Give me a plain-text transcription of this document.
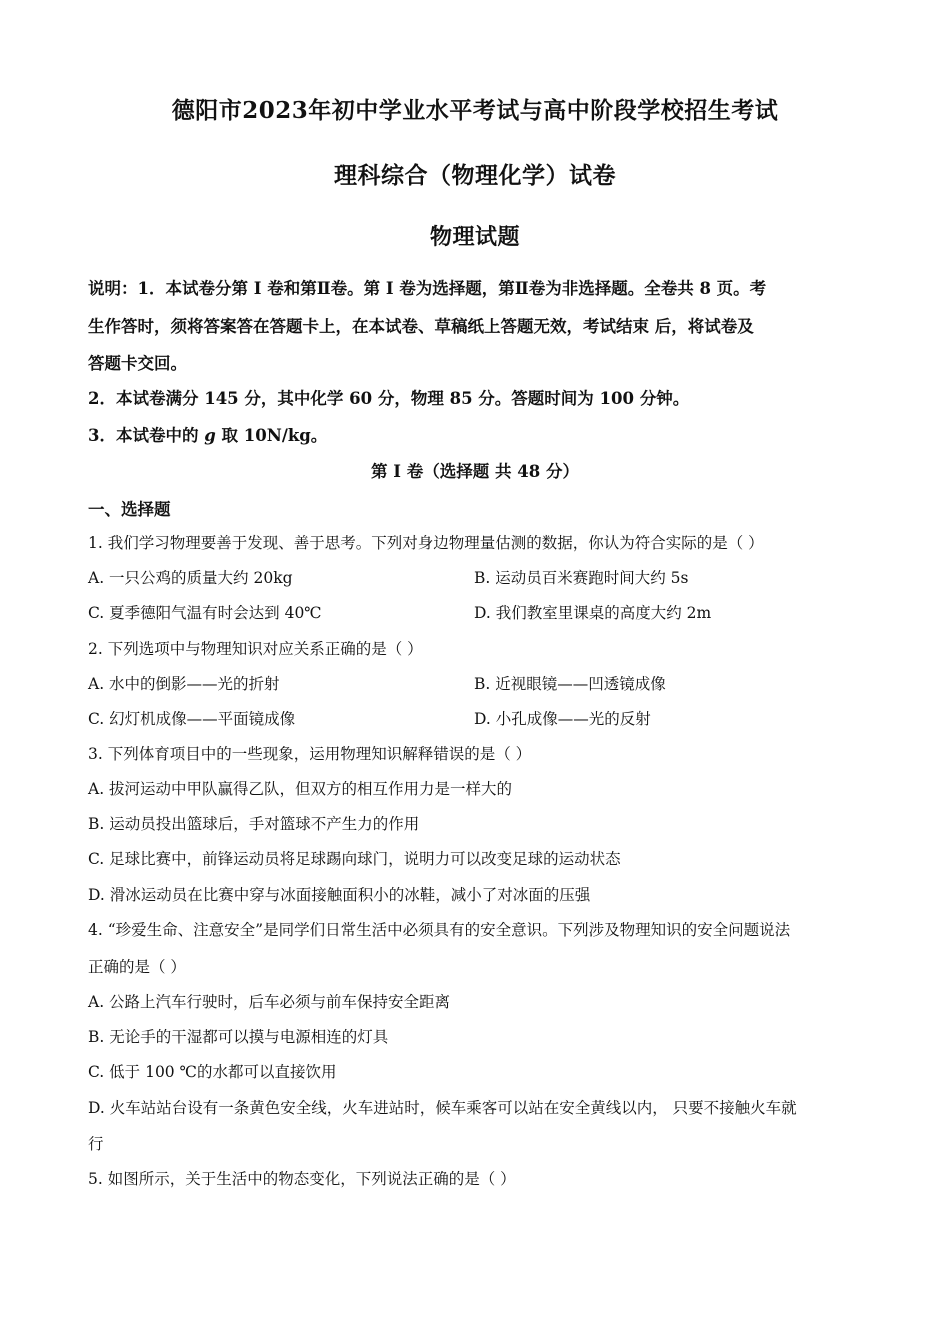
德阳市2023年初中学业水平考试与高中阶段学校招生考试
理科综合（物理化学）试卷
物理试题
说明：1．本试卷分第 I 卷和第Ⅱ卷。第 I 卷为选择题，第Ⅱ卷为非选择题。全卷共 8 页。考
生作答时，须将答案答在答题卡上，在本试卷、草稿纸上答题无效，考试结束 后，将试卷及
答题卡交回。
2．本试卷满分 145 分，其中化学 60 分，物理 85 分。答题时间为 100 分钟。
3．本试卷中的 g 取 10N/kg。
第 I 卷（选择题 共 48 分）
一、选择题
1. 我们学习物理要善于发现、善于思考。下列对身边物理量估测的数据，你认为符合实际的是（ ）
A. 一只公鸡的质量大约 20kg	B. 运动员百米赛跑时间大约 5s
C. 夏季德阳气温有时会达到 40℃	D. 我们教室里课桌的高度大约 2m
2. 下列选项中与物理知识对应关系正确的是（ ）
A. 水中的倒影——光的折射	B. 近视眼镜——凹透镜成像
C. 幻灯机成像——平面镜成像	D. 小孔成像——光的反射
3. 下列体育项目中的一些现象，运用物理知识解释错误的是（ ）
A. 拔河运动中甲队赢得乙队，但双方的相互作用力是一样大的
B. 运动员投出篮球后，手对篮球不产生力的作用
C. 足球比赛中，前锋运动员将足球踢向球门，说明力可以改变足球的运动状态
D. 滑冰运动员在比赛中穿与冰面接触面积小的冰鞋，减小了对冰面的压强
4. “珍爱生命、注意安全”是同学们日常生活中必须具有的安全意识。下列涉及物理知识的安全问题说法
正确的是（ ）
A. 公路上汽车行驶时，后车必须与前车保持安全距离
B. 无论手的干湿都可以摸与电源相连的灯具
C. 低于 100 ℃的水都可以直接饮用
D. 火车站站台设有一条黄色安全线，火车进站时，候车乘客可以站在安全黄线以内， 只要不接触火车就
行
5. 如图所示，关于生活中的物态变化，下列说法正确的是（ ）
